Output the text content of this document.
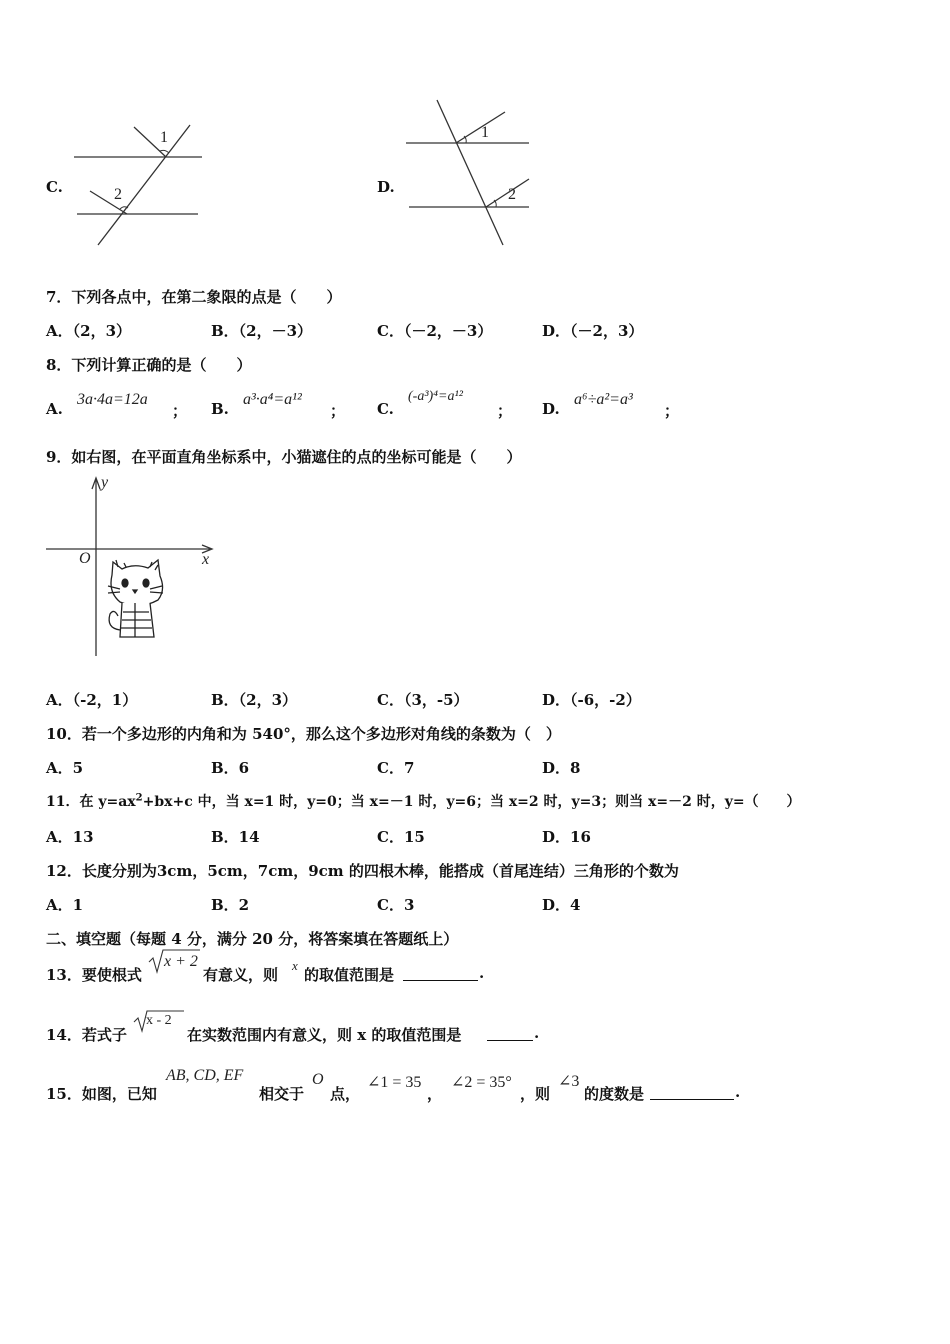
C.
1
2	D.
1
2
7．下列各点中，在第二象限的点是（　　）
A．（2，3）	B．（2，－3）	C．（－2，－3）	D．（－2，3）
8．下列计算正确的是（　　）
A.
3a·4a=12a
； B.
a³·a⁴=a¹²
； C.
(-a³)⁴=a¹²
； D.
a⁶÷a²=a³
；
9．如右图，在平面直角坐标系中，小猫遮住的点的坐标可能是（　　）
y
x
O
A．（-2，1）	B．（2，3）	C．（3，-5）	D．（-6，-2）
10．若一个多边形的内角和为 540°，那么这个多边形对角线的条数为（　）
A．5	B．6	C．7	D．8
11．在 $y=ax^2+bx+c$ 中，当 x=1 时，y=0；当 x=－1 时，y=6；当 x=2 时，y=3；则当 x=－2 时，y=（　　）
A．13	B．14	C．15	D．16
12．长度分别为3cm，5cm，7cm，9cm 的四根木棒，能搭成（首尾连结）三角形的个数为
A．1	B．2	C．3	D．4
二、填空题（每题 4 分，满分 20 分，将答案填在答题纸上）
13．要使根式
x + 2
有意义，则
x
的取值范围是	.
14．若式子
x - 2
在实数范围内有意义，则 x 的取值范围是	.
15．如图，已知
AB, CD, EF
相交于
O
点，
∠1 = 35
，
∠2 = 35°
，则
∠3
的度数是	.
